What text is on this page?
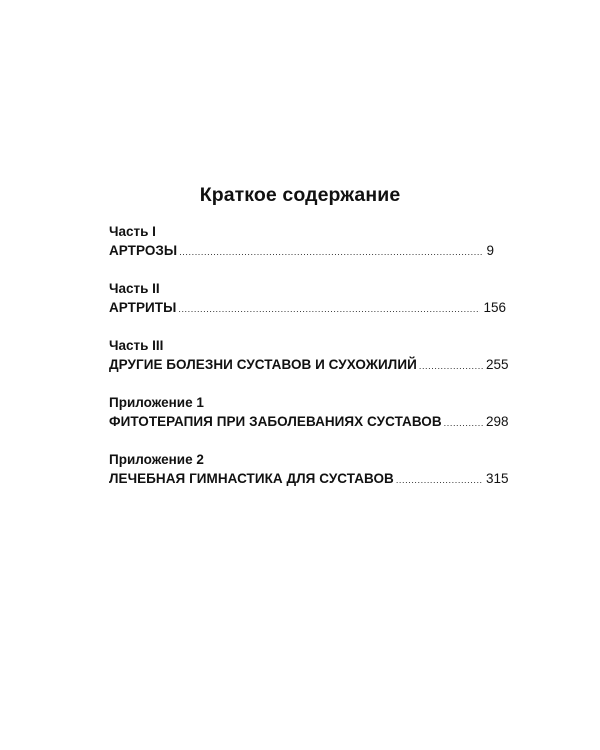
Краткое содержание
Часть I
АРТРОЗЫ .....	9
Часть II
АРТРИТЫ .....	156
Часть III
ДРУГИЕ БОЛЕЗНИ СУСТАВОВ И СУХОЖИЛИЙ .....	255
Приложение 1
ФИТОТЕРАПИЯ ПРИ ЗАБОЛЕВАНИЯХ СУСТАВОВ .....	298
Приложение 2
ЛЕЧЕБНАЯ ГИМНАСТИКА ДЛЯ СУСТАВОВ .....	315
